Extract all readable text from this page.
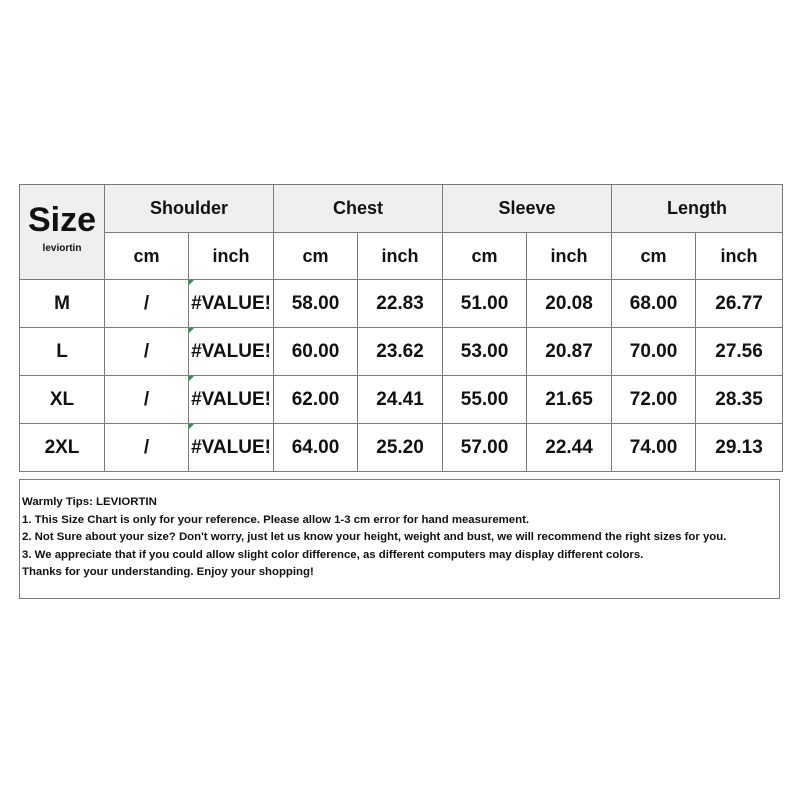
Size
leviortin	Shoulder		Chest		Sleeve		Length	
	cm	inch	cm	inch	cm	inch	cm	inch
M	/	#VALUE!	58.00	22.83	51.00	20.08	68.00	26.77
L	/	#VALUE!	60.00	23.62	53.00	20.87	70.00	27.56
XL	/	#VALUE!	62.00	24.41	55.00	21.65	72.00	28.35
2XL	/	#VALUE!	64.00	25.20	57.00	22.44	74.00	29.13
Warmly Tips: LEVIORTIN
1. This Size Chart is only for your reference. Please allow 1-3 cm error for hand measurement.
2. Not Sure about your size? Don't worry, just let us know your height, weight and bust, we will recommend the right sizes for you.
3. We appreciate that if you could allow slight color difference, as different computers may display different colors.
Thanks for your understanding. Enjoy your shopping!
